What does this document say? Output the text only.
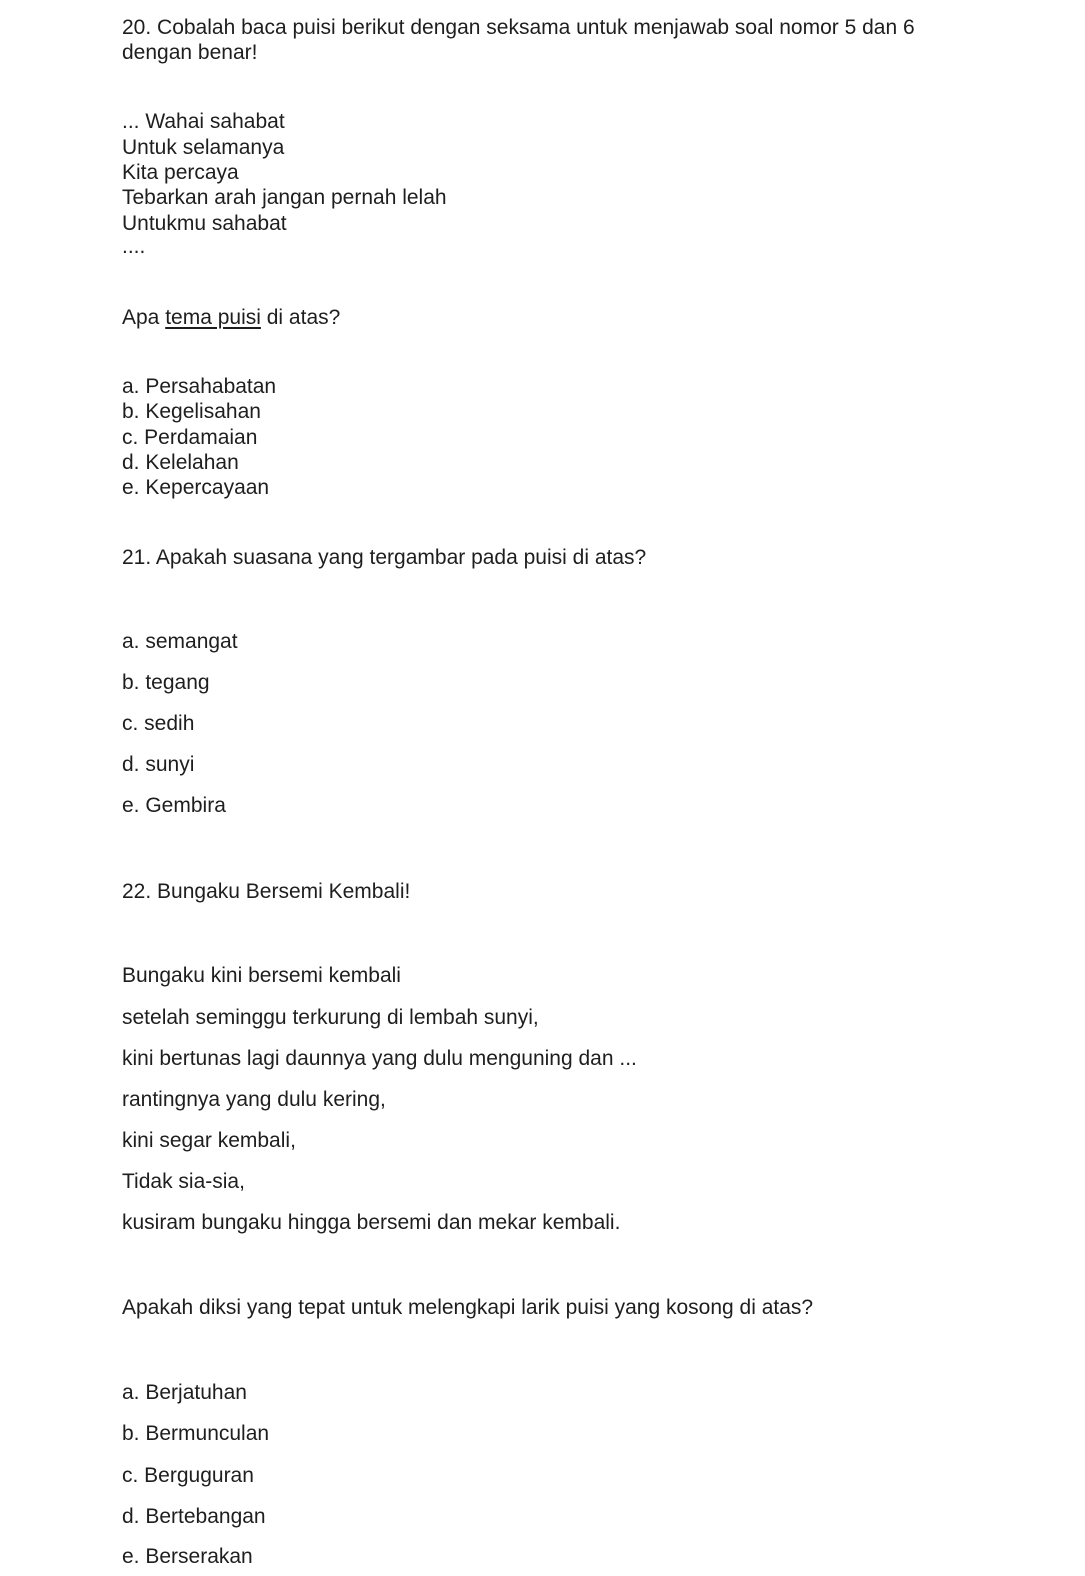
20. Cobalah baca puisi berikut dengan seksama untuk menjawab soal nomor 5 dan 6
dengan benar!
... Wahai sahabat
Untuk selamanya
Kita percaya
Tebarkan arah jangan pernah lelah
Untukmu sahabat
....
Apa tema puisi di atas?
a. Persahabatan
b. Kegelisahan
c. Perdamaian
d. Kelelahan
e. Kepercayaan
21. Apakah suasana yang tergambar pada puisi di atas?
a. semangat
b. tegang
c. sedih
d. sunyi
e. Gembira
22. Bungaku Bersemi Kembali!
Bungaku kini bersemi kembali
setelah seminggu terkurung di lembah sunyi,
kini bertunas lagi daunnya yang dulu menguning dan ...
rantingnya yang dulu kering,
kini segar kembali,
Tidak sia-sia,
kusiram bungaku hingga bersemi dan mekar kembali.
Apakah diksi yang tepat untuk melengkapi larik puisi yang kosong di atas?
a. Berjatuhan
b. Bermunculan
c. Berguguran
d. Bertebangan
e. Berserakan
